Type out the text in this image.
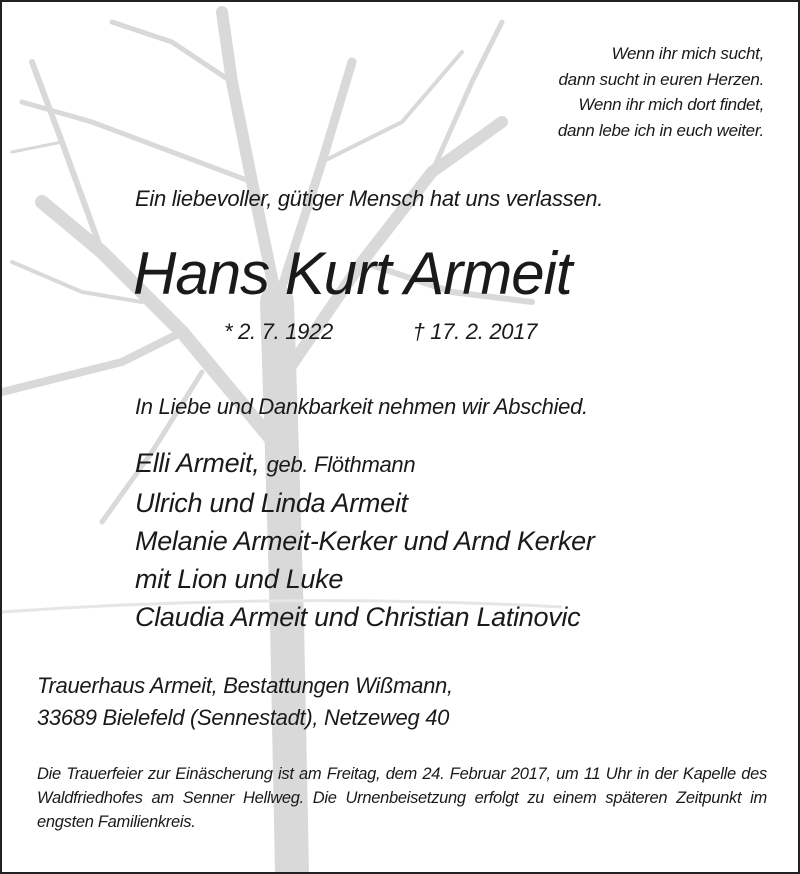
Wenn ihr mich sucht,
dann sucht in euren Herzen.
Wenn ihr mich dort findet,
dann lebe ich in euch weiter.
Ein liebevoller, gütiger Mensch hat uns verlassen.
Hans Kurt Armeit
* 2. 7. 1922	† 17. 2. 2017
In Liebe und Dankbarkeit nehmen wir Abschied.
Elli Armeit, geb. Flöthmann
Ulrich und Linda Armeit
Melanie Armeit-Kerker und Arnd Kerker
mit Lion und Luke
Claudia Armeit und Christian Latinovic
Trauerhaus Armeit, Bestattungen Wißmann,
33689 Bielefeld (Sennestadt), Netzeweg 40
Die Trauerfeier zur Einäscherung ist am Freitag, dem 24. Februar 2017, um 11 Uhr in der Kapelle des Waldfriedhofes am Senner Hellweg. Die Urnenbeisetzung erfolgt zu einem späteren Zeitpunkt im engsten Familienkreis.
